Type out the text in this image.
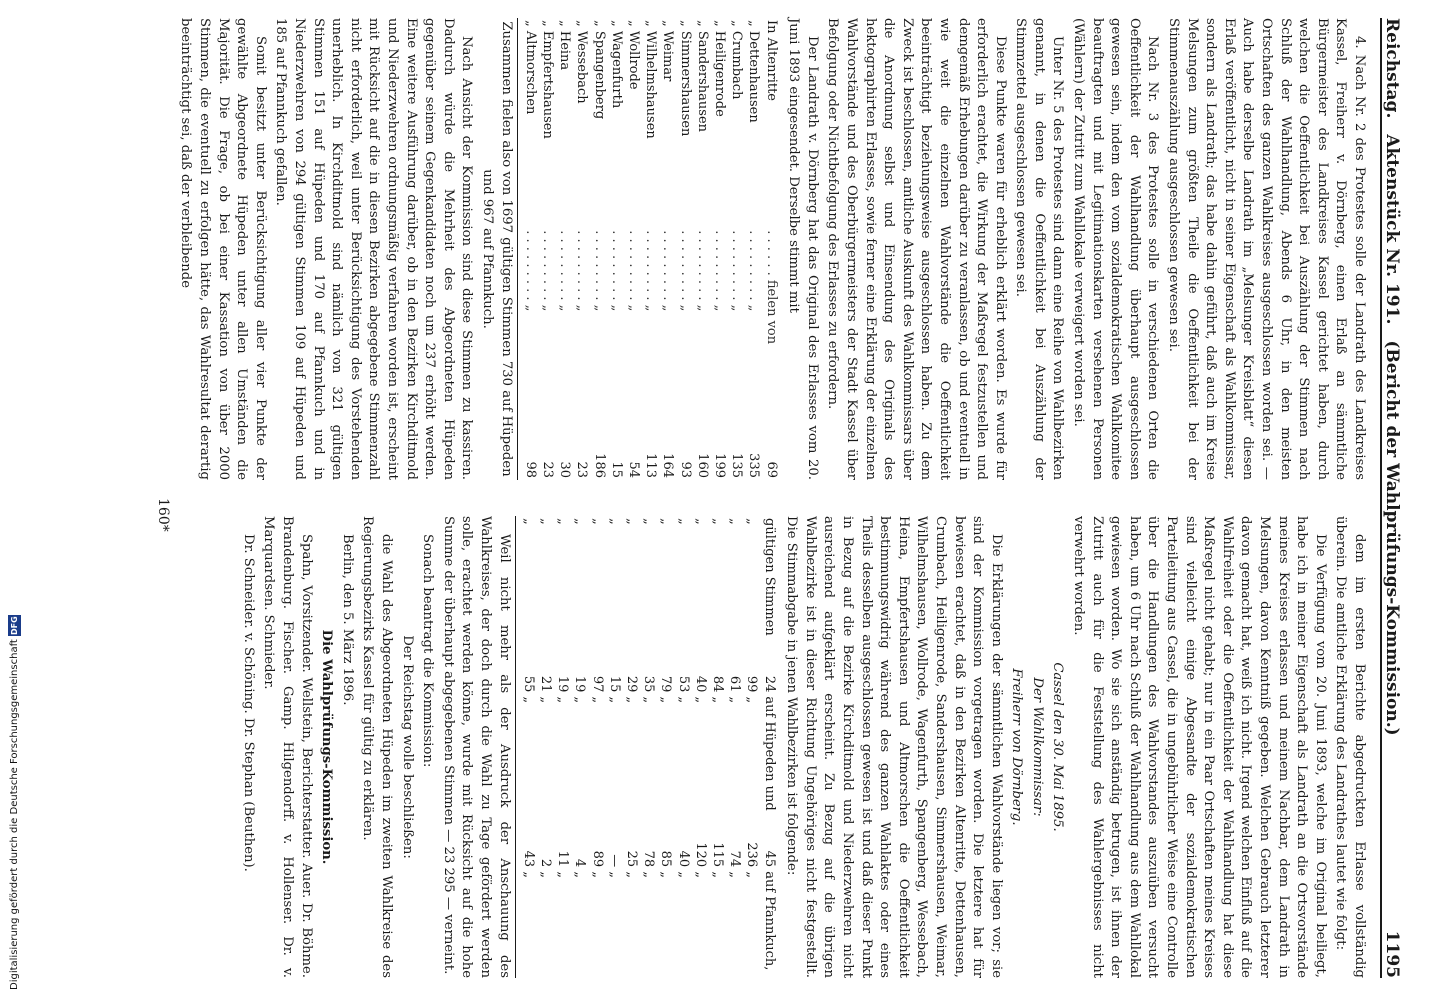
Reichstag.
Aktenstück Nr. 191.
(Bericht der Wahlprüfungs-Kommission.)
1195

4. Nach Nr. 2 des Protestes solle der Landrath des Landkreises Kassel, Freiherr v. Dörnberg, einen Erlaß an sämmtliche Bürgermeister des Landkreises Kassel gerichtet haben, durch welchen die Oeffentlichkeit bei Auszählung der Stimmen nach Schluß der Wahlhandlung, Abends 6 Uhr, in den meisten Ortschaften des ganzen Wahlkreises ausgeschlossen worden sei. — Auch habe derselbe Landrath im „Melsunger Kreisblatt“ diesen Erlaß veröffentlicht, nicht in seiner Eigenschaft als Wahlkommissar, sondern als Landrath; das habe dahin geführt, daß auch im Kreise Melsungen zum größten Theile die Oeffentlichkeit bei der Stimmenauszählung ausgeschlossen gewesen sei.

Nach Nr. 3 des Protestes solle in verschiedenen Orten die Oeffentlichkeit der Wahlhandlung überhaupt ausgeschlossen gewesen sein, indem den vom sozialdemokratischen Wahlkomitee beauftragten und mit Legitimationskarten versehenen Personen (Wählern) der Zutritt zum Wahllokale verweigert worden sei.

Unter Nr. 5 des Protestes sind dann eine Reihe von Wahlbezirken genannt, in denen die Oeffentlichkeit bei Auszählung der Stimmzettel ausgeschlossen gewesen sei.

Diese Punkte waren für erheblich erklärt worden. Es wurde für erforderlich erachtet, die Wirkung der Maßregel festzustellen und demgemäß Erhebungen darüber zu veranlassen, ob und eventuell in wie weit die einzelnen Wahlvorstände die Oeffentlichkeit beeinträchtigt beziehungsweise ausgeschlossen haben. Zu dem Zweck ist beschlossen, amtliche Auskunft des Wahlkommissars über die Anordnung selbst und Einsendung des Originals des hektographirten Erlasses, sowie ferner eine Erklärung der einzelnen Wahlvorstände und des Oberbürgermeisters der Stadt Kassel über Befolgung oder Nichtbefolgung des Erlasses zu erfordern.

Der Landrath v. Dörnberg hat das Original des Erlasses vom 20. Juni 1893 eingesendet. Derselbe stimmt mit

In Altenritte	. . . . . . fielen von	69
„ Dettenhausen	. . . . . . . . . „	335
„ Crumbach	. . . . . . . . . „	135
„ Heiligenrode	. . . . . . . . . „	199
„ Sandershausen	. . . . . . . . . „	160
„ Simmershausen	. . . . . . . . . „	93
„ Weimar	. . . . . . . . . „	164
„ Wilhelmshausen	. . . . . . . . . „	113
„ Wollrode	. . . . . . . . . „	54
„ Wagenfurth	. . . . . . . . . „	15
„ Spangenberg	. . . . . . . . . „	186
„ Wessebach	. . . . . . . . . „	23
„ Heina	. . . . . . . . . „	30
„ Empfertshausen	. . . . . . . . . „	23
„ Altmorschen	. . . . . . . . . „	98

Zusammen fielen also von 1697 gültigen Stimmen 730 auf Hüpeden und 967 auf Pfannkuch.

Nach Ansicht der Kommission sind diese Stimmen zu kassiren. Dadurch würde die Mehrheit des Abgeordneten Hüpeden gegenüber seinem Gegenkandidaten noch um 237 erhöht werden. Eine weitere Ausführung darüber, ob in den Bezirken Kirchditmold und Niederzwehren ordnungsmäßig verfahren worden ist, erscheint mit Rücksicht auf die in diesen Bezirken abgegebene Stimmenzahl nicht erforderlich, weil unter Berücksichtigung des Vorstehenden unerheblich. In Kirchditmold sind nämlich von 321 gültigen Stimmen 151 auf Hüpeden und 170 auf Pfannkuch und in Niederzwehren von 294 gültigen Stimmen 109 auf Hüpeden und 185 auf Pfannkuch gefallen.

Somit besitzt unter Berücksichtigung aller vier Punkte der gewählte Abgeordnete Hüpeden unter allen Umständen die Majorität. Die Frage, ob bei einer Kassation von über 2000 Stimmen, die eventuell zu erfolgen hätte, das Wahlresultat derartig beeinträchtigt sei, daß der verbleibende

dem im ersten Berichte abgedruckten Erlasse vollständig überein. Die amtliche Erklärung des Landrathes lautet wie folgt:

Die Verfügung vom 20. Juni 1893, welche im Original beiliegt, habe ich in meiner Eigenschaft als Landrath an die Ortsvorstände meines Kreises erlassen und meinem Nachbar, dem Landrath in Melsungen, davon Kenntniß gegeben. Welchen Gebrauch letzterer davon gemacht hat, weiß ich nicht. Irgend welchen Einfluß auf die Wahlfreiheit oder die Oeffentlichkeit der Wahlhandlung hat diese Maßregel nicht gehabt; nur in ein Paar Ortschaften meines Kreises sind vielleicht einige Abgesandte der sozialdemokratischen Parteileitung aus Cassel, die in ungebührlicher Weise eine Controlle über die Handlungen des Wahlvorstandes auszuüben versucht haben, um 6 Uhr nach Schluß der Wahlhandlung aus dem Wahllokal gewiesen worden. Wo sie sich anständig betrugen, ist ihnen der Zutritt auch für die Feststellung des Wahlergebnisses nicht verwehrt worden.

Cassel den 30. Mai 1895.

Der Wahlkommissar:

Freiherr von Dörnberg.

Die Erklärungen der sämmtlichen Wahlvorstände liegen vor; sie sind der Kommission vorgetragen worden. Die letztere hat für bewiesen erachtet, daß in den Bezirken Altenritte, Dettenhausen, Crumbach, Heiligenrode, Sandershausen, Simmershausen, Weimar, Wilhelmshausen, Wollrode, Wagenfurth, Spangenberg, Wessebach, Heina, Empfertshausen und Altmorschen die Oeffentlichkeit bestimmungswidrig während des ganzen Wahlaktes oder eines Theils desselben ausgeschlossen gewesen ist und daß dieser Punkt in Bezug auf die Bezirke Kirchditmold und Niederzwehren nicht ausreichend aufgeklärt erscheint. Zu Bezug auf die übrigen Wahlbezirke ist in dieser Richtung Ungehöriges nicht festgestellt. Die Stimmabgabe in jenen Wahlbezirken ist folgende:

gültigen Stimmen	24	auf Hüpeden und	45	auf Pfannkuch,
„	99	„	236	„
„	61	„	74	„
„	84	„	115	„
„	40	„	120	„
„	53	„	40	„
„	79	„	85	„
„	35	„	78	„
„	29	„	25	„
„	15	„	—	„
„	97	„	89	„
„	19	„	4	„
„	19	„	11	„
„	21	„	2	„
„	55	„	43	„

Weil nicht mehr als der Ausdruck der Anschauung des Wahlkreises, der doch durch die Wahl zu Tage gefördert werden solle, erachtet werden könne, wurde mit Rücksicht auf die hohe Summe der überhaupt abgegebenen Stimmen — 23 295 — verneint.

Sonach beantragt die Kommission:

Der Reichstag wolle beschließen:

die Wahl des Abgeordneten Hüpeden im zweiten Wahlkreise des Regierungsbezirks Kassel für gültig zu erklären.

Berlin, den 5. März 1896.

Die Wahlprüfungs-Kommission.

Spahn, Vorsitzender. Wellstein, Berichterstatter. Auer. Dr. Böhme. Brandenburg. Fischer. Gamp. Hilgendorff. v. Hollenser. Dr. v. Marquardsen. Schmieder.

Dr. Schneider. v. Schöning. Dr. Stephan (Beuthen).

160*
Digitalisierung gefördert durch die Deutsche Forschungsgemeinschaft DFG
